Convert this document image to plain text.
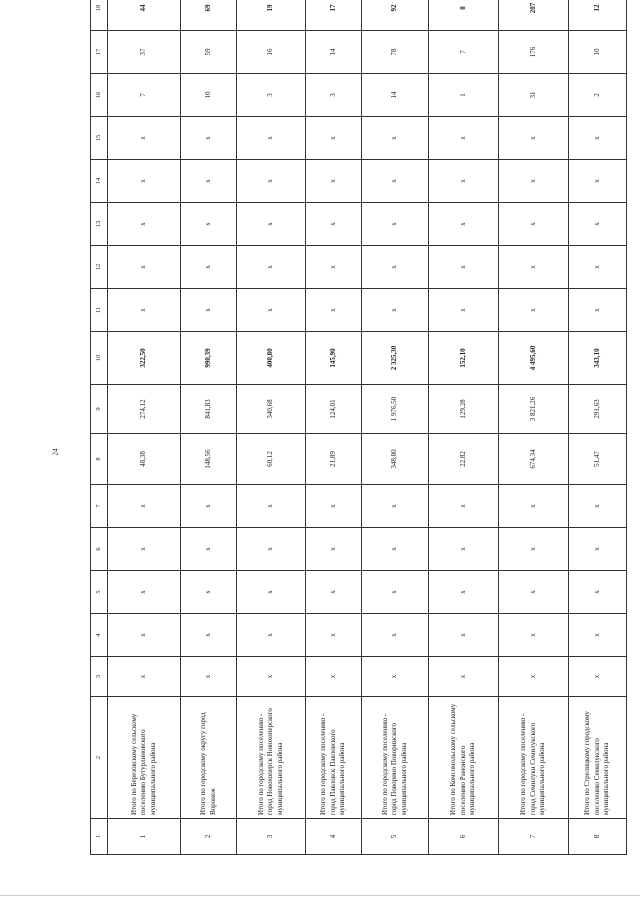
24
1	2	3	4	5	6	7	8	9	10	11	12	13	14	15	16	17	18
1	Итого по Березовскому сельскому поселению Бутурлиновского муниципального района	x	x	x	x	x	48,38	274,12	322,50	x	x	x	x	x	7	37	44
2	Итого по городскому округу город Воронеж	x	x	x	x	x	148,56	841,83	990,39	x	x	x	x	x	10	59	69
3	Итого по городскому поселению - город Новохоперск Новохоперского муниципального района	x	x	x	x	x	60,12	340,68	400,80	x	x	x	x	x	3	16	19
4	Итого по городскому поселению - город Павловск Павловского муниципального района	x	x	x	x	x	21,89	124,01	145,90	x	x	x	x	x	3	14	17
5	Итого по городскому поселению - город Поворино Поворинского муниципального района	x	x	x	x	x	348,80	1 976,50	2 325,30	x	x	x	x	x	14	78	92
6	Итого по Комсомольскому сельскому поселению Рамонского муниципального района	x	x	x	x	x	22,82	129,28	152,10	x	x	x	x	x	1	7	8
7	Итого по городскому поселению - город Семилуки Семилукского муниципального района	x	x	x	x	x	674,34	3 821,26	4 495,60	x	x	x	x	x	31	176	207
8	Итого по Стрелицкому городскому поселению Семилукского муниципального района	x	x	x	x	x	51,47	291,63	343,10	x	x	x	x	x	2	10	12
